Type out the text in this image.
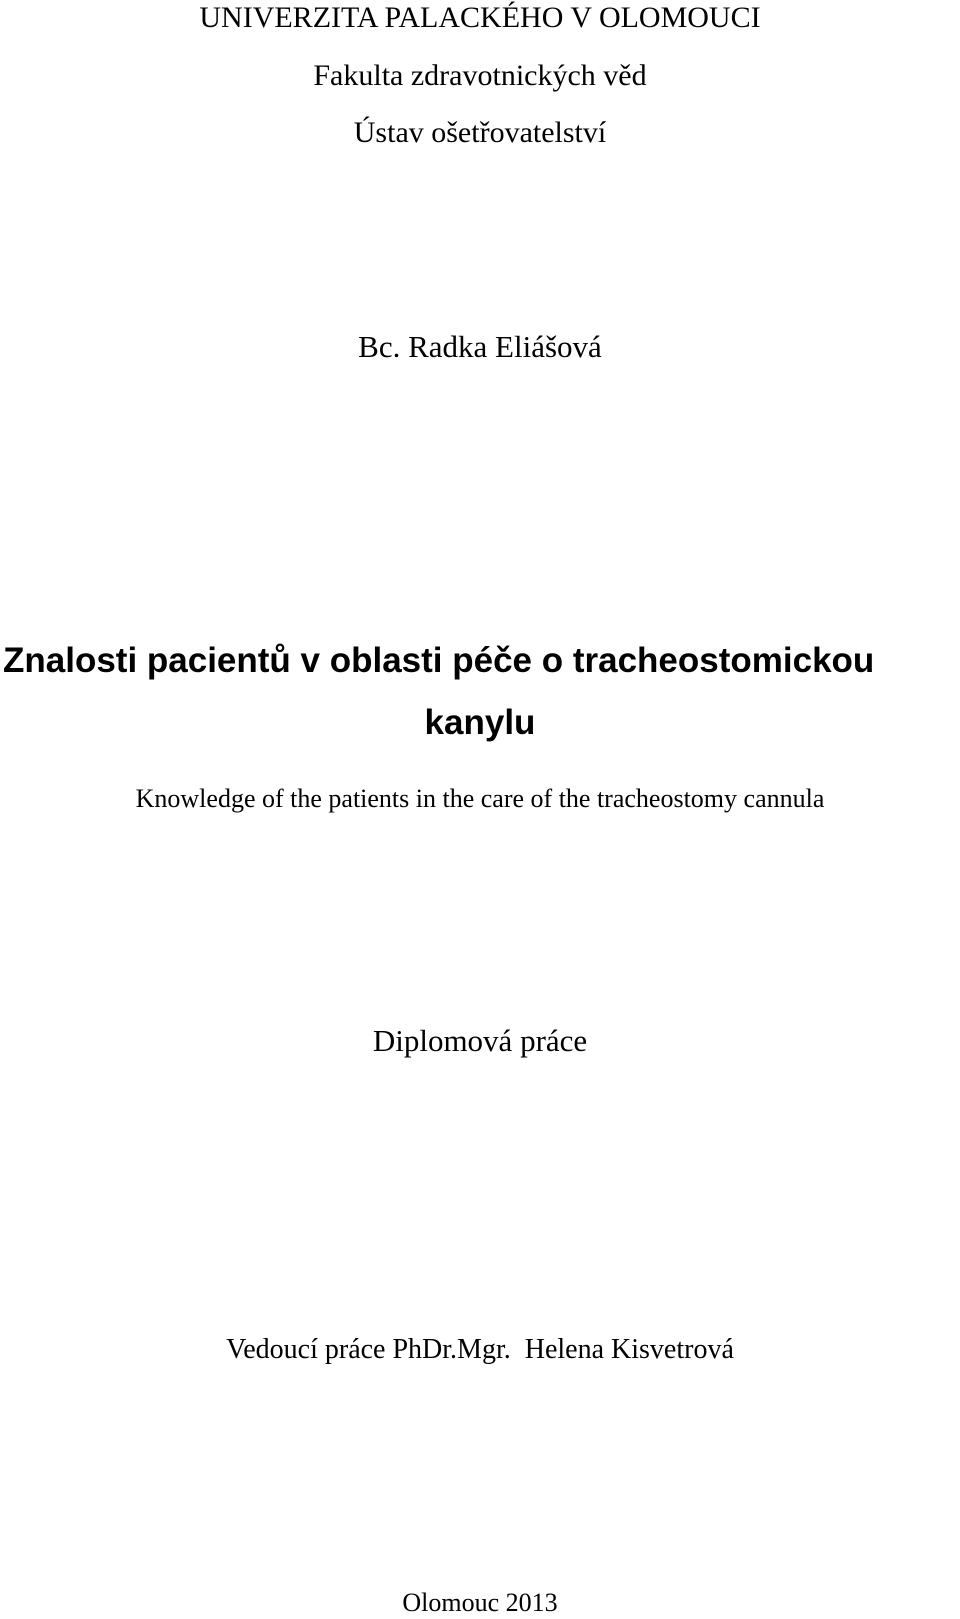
UNIVERZITA PALACKÉHO V OLOMOUCI
Fakulta zdravotnických věd
Ústav ošetřovatelství
Bc. Radka Eliášová
Znalosti pacientů v oblasti péče o tracheostomickou
kanylu
Knowledge of the patients in the care of the tracheostomy cannula
Diplomová práce
Vedoucí práce PhDr.Mgr.  Helena Kisvetrová
Olomouc 2013
